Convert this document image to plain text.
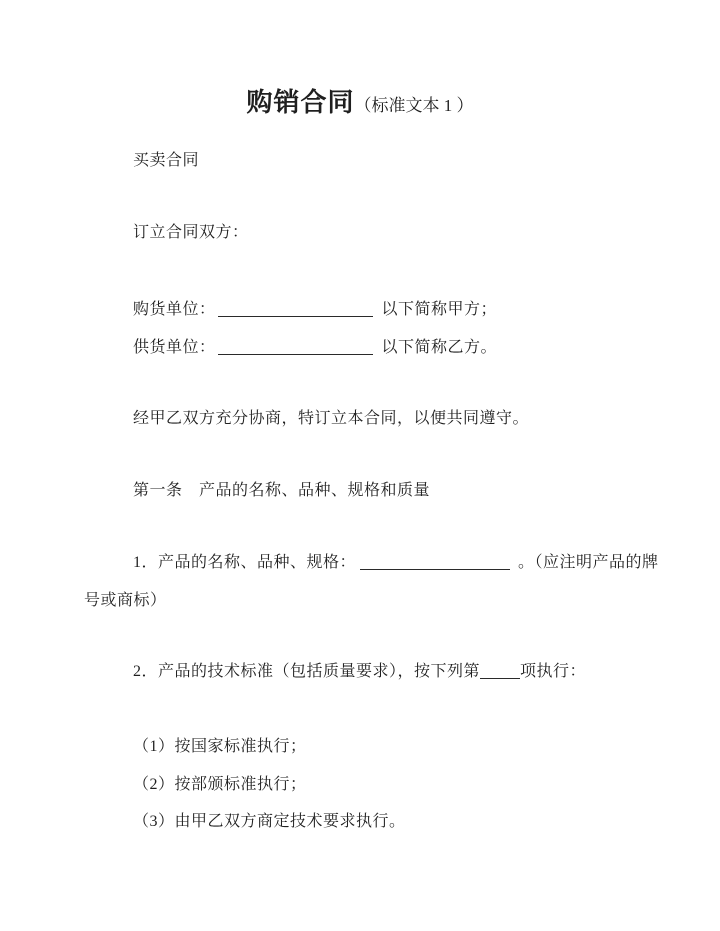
购销合同（标准文本 1 ）
买卖合同
订立合同双方：
购货单位：	以下简称甲方；
供货单位：	以下简称乙方。
经甲乙双方充分协商，特订立本合同，以便共同遵守。
第一条　产品的名称、品种、规格和质量
1．产品的名称、品种、规格：	。（应注明产品的牌
号或商标）
2．产品的技术标准（包括质量要求），按下列第	项执行：
（1）按国家标准执行；
（2）按部颁标准执行；
（3）由甲乙双方商定技术要求执行。
